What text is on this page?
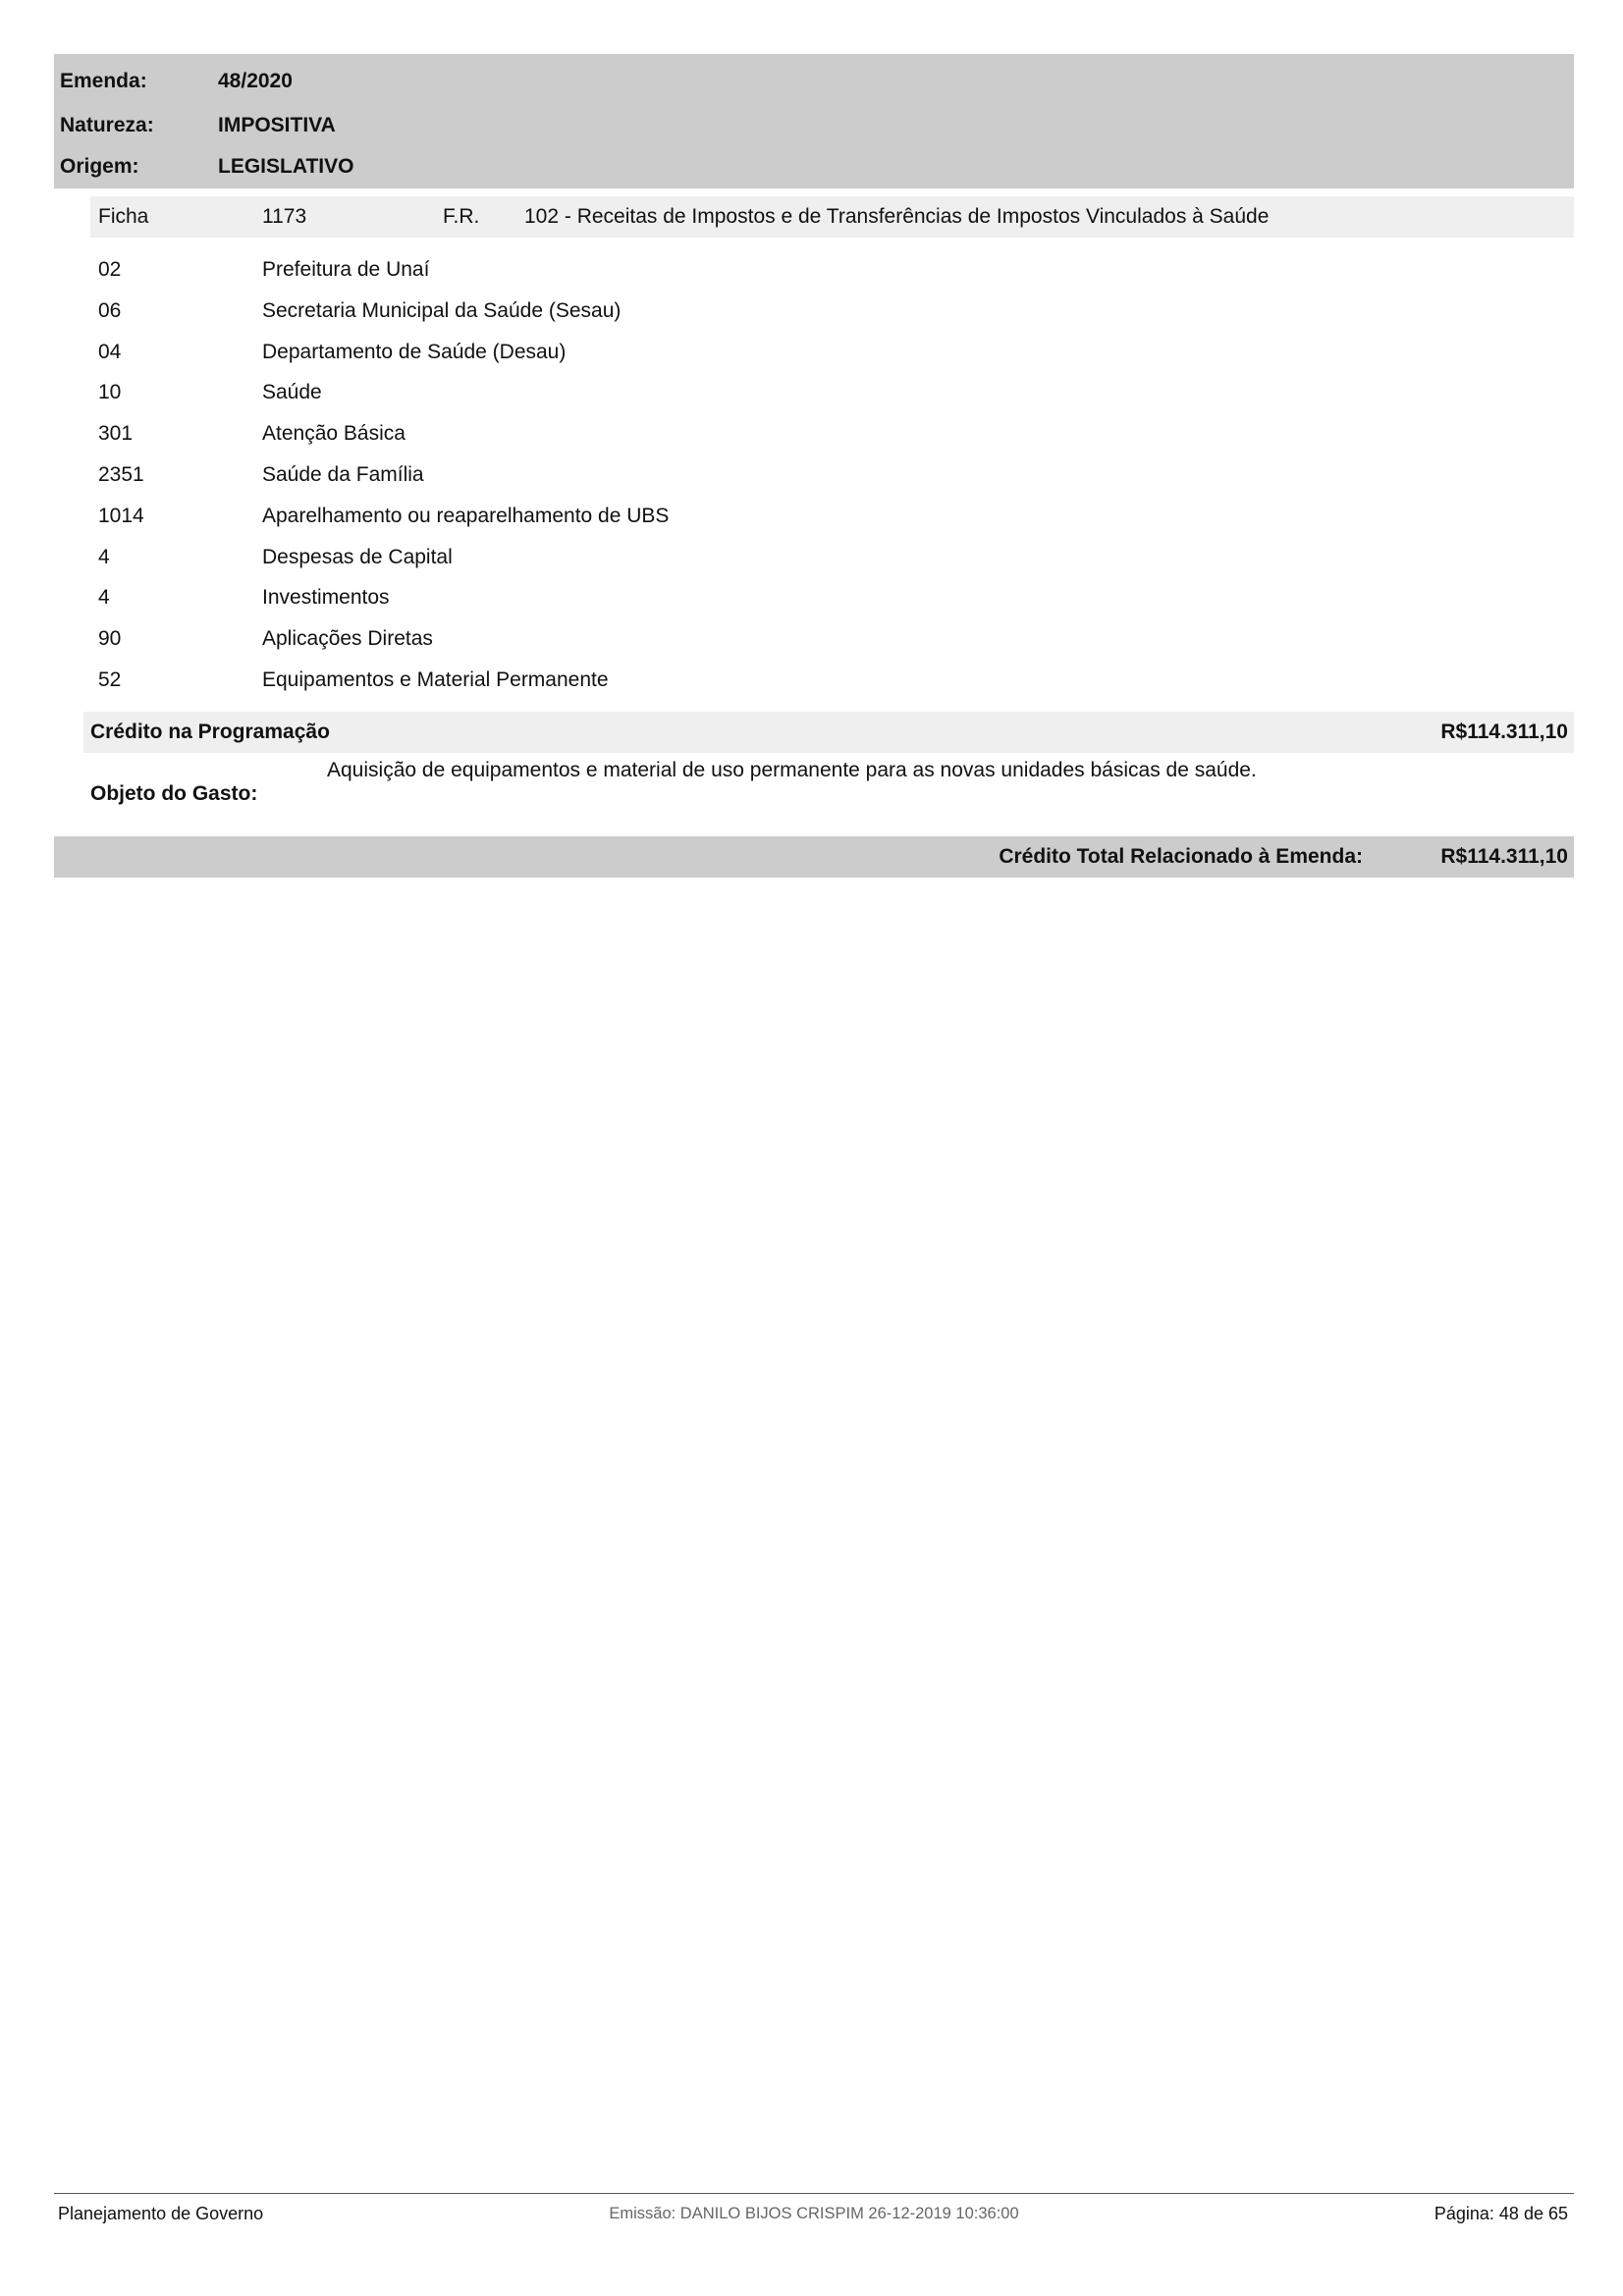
Emenda:	48/2020
Natureza:	IMPOSITIVA
Origem:	LEGISLATIVO
Ficha	1173	F.R. 102 - Receitas de Impostos e de Transferências de Impostos Vinculados à Saúde
02	Prefeitura de Unaí
06	Secretaria Municipal da Saúde (Sesau)
04	Departamento de Saúde (Desau)
10	Saúde
301	Atenção Básica
2351	Saúde da Família
1014	Aparelhamento ou reaparelhamento de UBS
4	Despesas de Capital
4	Investimentos
90	Aplicações Diretas
52	Equipamentos e Material Permanente
Crédito na Programação	R$114.311,10
Aquisição de equipamentos e material de uso permanente para as novas unidades básicas de saúde.
Objeto do Gasto:
Crédito Total Relacionado à Emenda:	R$114.311,10
Planejamento de Governo	Emissão: DANILO BIJOS CRISPIM 26-12-2019 10:36:00	Página: 48 de 65
